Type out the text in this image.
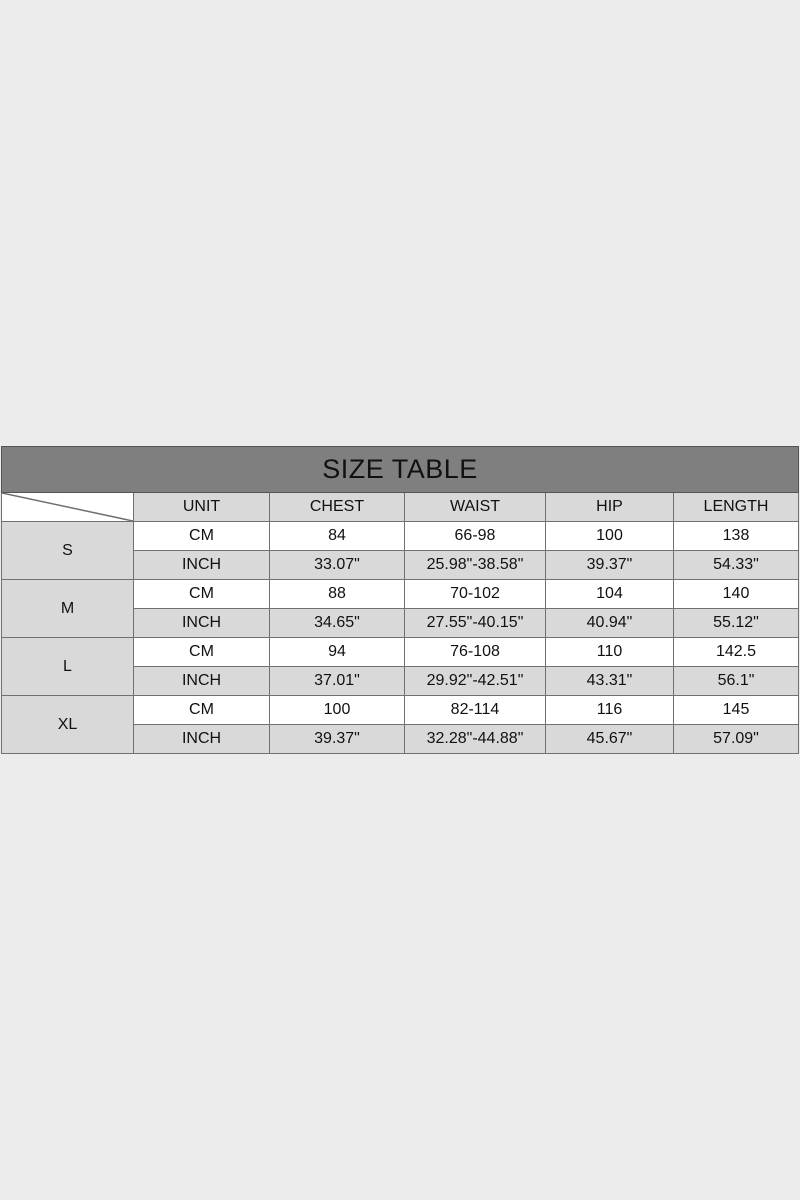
SIZE TABLE					

	UNIT	CHEST	WAIST	HIP	LENGTH
S	CM	84	66-98	100	138
	INCH	33.07"	25.98"-38.58"	39.37"	54.33"
M	CM	88	70-102	104	140
	INCH	34.65"	27.55"-40.15"	40.94"	55.12"
L	CM	94	76-108	110	142.5
	INCH	37.01"	29.92"-42.51"	43.31"	56.1"
XL	CM	100	82-114	116	145
	INCH	39.37"	32.28"-44.88"	45.67"	57.09"
